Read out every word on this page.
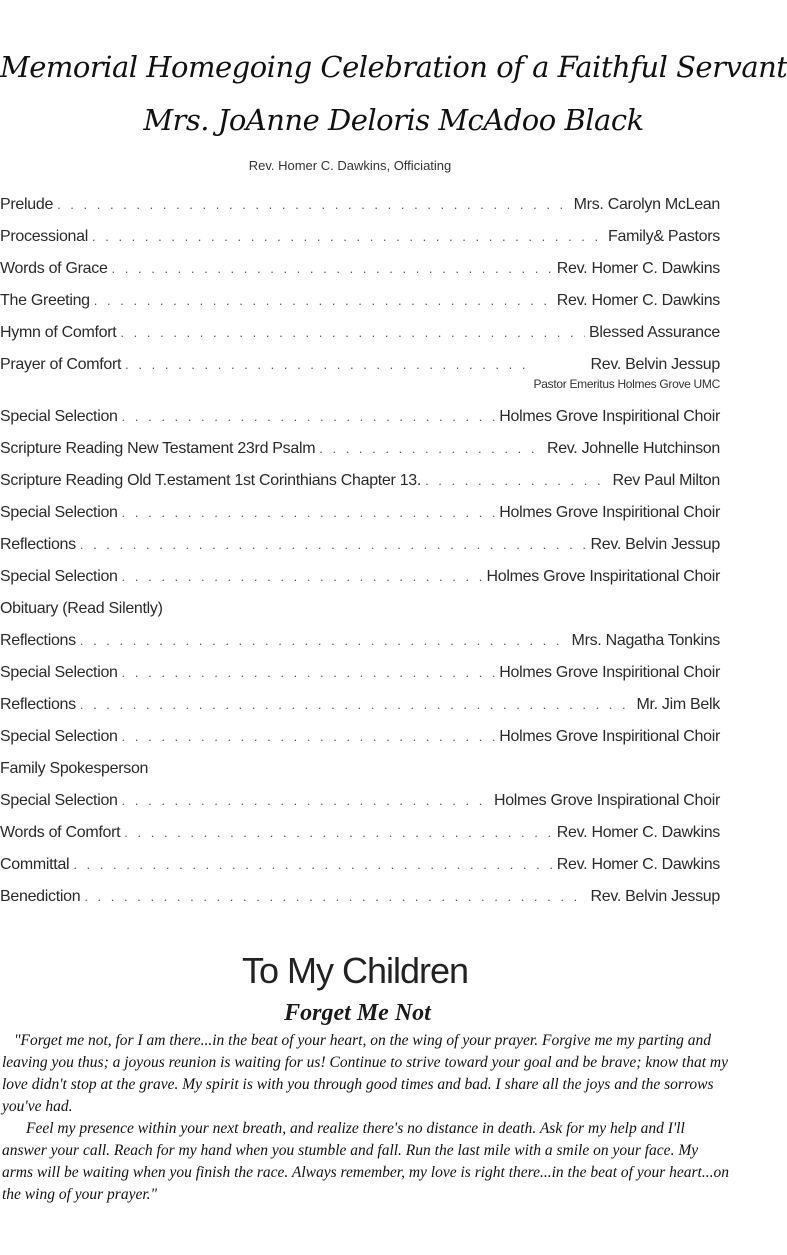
Memorial Homegoing Celebration of a Faithful Servant
Mrs. JoAnne Deloris McAdoo Black
Rev. Homer C. Dawkins, Officiating
Prelude . . .	Mrs. Carolyn McLean
Processional . . .	Family& Pastors
Words of Grace . . .	Rev. Homer C. Dawkins
The Greeting . . .	Rev. Homer C. Dawkins
Hymn of Comfort . . .	Blessed Assurance
Prayer of Comfort . . .	Rev. Belvin Jessup
Pastor Emeritus Holmes Grove UMC
Special Selection . . .	Holmes Grove Inspiritional Choir
Scripture Reading New Testament 23rd Psalm . . .	Rev. Johnelle Hutchinson
Scripture Reading Old T.estament 1st Corinthians Chapter 13. . . .	Rev Paul Milton
Special Selection . . .	Holmes Grove Inspiritional Choir
Reflections . . .	Rev. Belvin Jessup
Special Selection . . .	Holmes Grove Inspiritational Choir
Obituary (Read Silently)
Reflections . . .	Mrs. Nagatha Tonkins
Special Selection . . .	Holmes Grove Inspiritional Choir
Reflections . . .	Mr. Jim Belk
Special Selection . . .	Holmes Grove Inspiritional Choir
Family Spokesperson
Special Selection . . .	Holmes Grove Inspirational Choir
Words of Comfort . . .	Rev. Homer C. Dawkins
Committal . . .	Rev. Homer C. Dawkins
Benediction . . .	Rev. Belvin Jessup
To My Children
Forget Me Not

"Forget me not, for I am there...in the beat of your heart, on the wing of your prayer. Forgive me my parting and leaving you thus; a joyous reunion is waiting for us! Continue to strive toward your goal and be brave; know that my love didn't stop at the grave. My spirit is with you through good times and bad. I share all the joys and the sorrows you've had.

Feel my presence within your next breath, and realize there's no distance in death. Ask for my help and I'll answer your call. Reach for my hand when you stumble and fall. Run the last mile with a smile on your face. My arms will be waiting when you finish the race. Always remember, my love is right there...in the beat of your heart...on the wing of your prayer."
